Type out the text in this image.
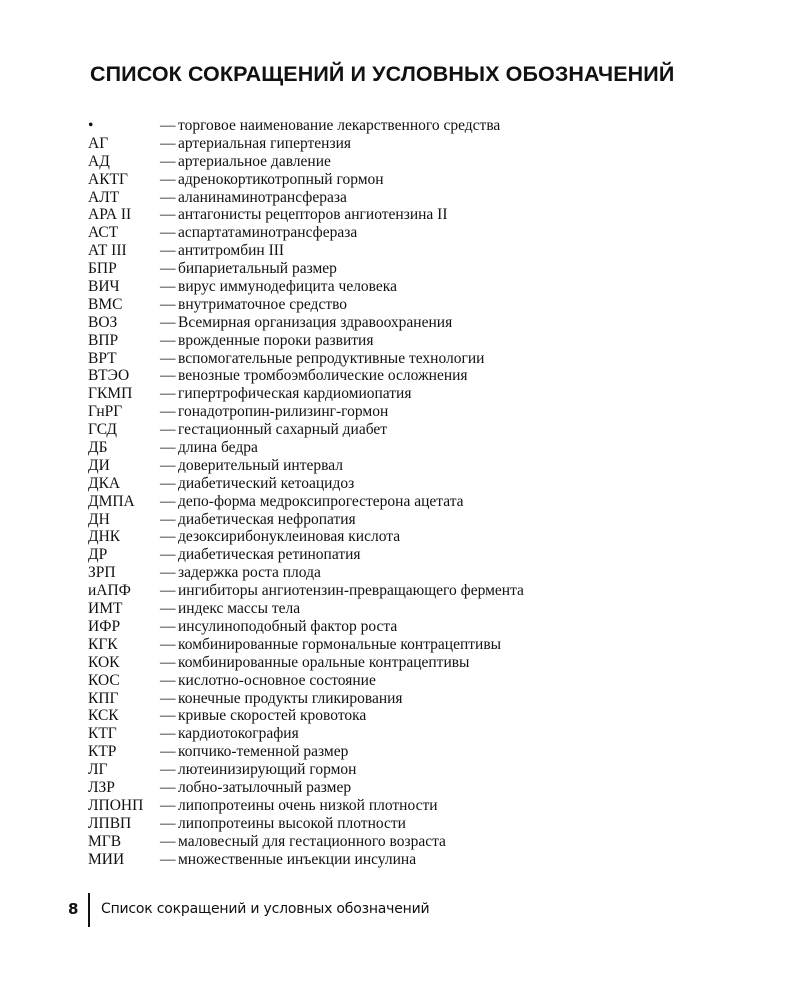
СПИСОК СОКРАЩЕНИЙ И УСЛОВНЫХ ОБОЗНАЧЕНИЙ
•	— торговое наименование лекарственного средства
АГ	— артериальная гипертензия
АД	— артериальное давление
АКТГ	— адренокортикотропный гормон
АЛТ	— аланинаминотрансфераза
АРА II	— антагонисты рецепторов ангиотензина II
АСТ	— аспартатаминотрансфераза
АТ III	— антитромбин III
БПР	— бипариетальный размер
ВИЧ	— вирус иммунодефицита человека
ВМС	— внутриматочное средство
ВОЗ	— Всемирная организация здравоохранения
ВПР	— врожденные пороки развития
ВРТ	— вспомогательные репродуктивные технологии
ВТЭО	— венозные тромбоэмболические осложнения
ГКМП	— гипертрофическая кардиомиопатия
ГнРГ	— гонадотропин-рилизинг-гормон
ГСД	— гестационный сахарный диабет
ДБ	— длина бедра
ДИ	— доверительный интервал
ДКА	— диабетический кетоацидоз
ДМПА	— депо-форма медроксипрогестерона ацетата
ДН	— диабетическая нефропатия
ДНК	— дезоксирибонуклеиновая кислота
ДР	— диабетическая ретинопатия
ЗРП	— задержка роста плода
иАПФ	— ингибиторы ангиотензин-превращающего фермента
ИМТ	— индекс массы тела
ИФР	— инсулиноподобный фактор роста
КГК	— комбинированные гормональные контрацептивы
КОК	— комбинированные оральные контрацептивы
КОС	— кислотно-основное состояние
КПГ	— конечные продукты гликирования
КСК	— кривые скоростей кровотока
КТГ	— кардиотокография
КТР	— копчико-теменной размер
ЛГ	— лютеинизирующий гормон
ЛЗР	— лобно-затылочный размер
ЛПОНП	— липопротеины очень низкой плотности
ЛПВП	— липопротеины высокой плотности
МГВ	— маловесный для гестационного возраста
МИИ	— множественные инъекции инсулина
8	Список сокращений и условных обозначений
